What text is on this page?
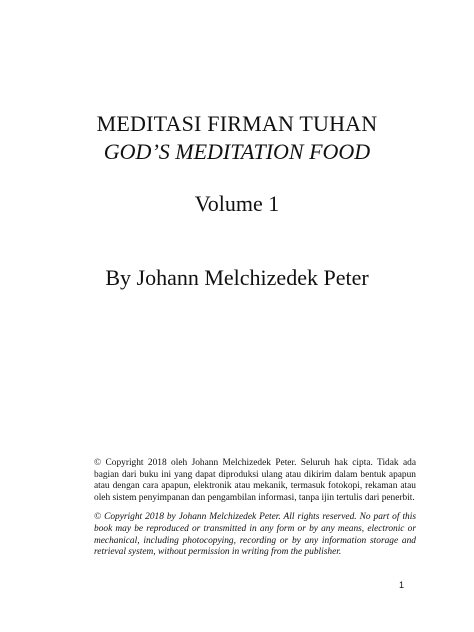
MEDITASI FIRMAN TUHAN
GOD’S MEDITATION FOOD
Volume 1
By Johann Melchizedek Peter

© Copyright 2018 oleh Johann Melchizedek Peter. Seluruh hak cipta. Tidak ada bagian dari buku ini yang dapat diproduksi ulang atau dikirim dalam bentuk apapun atau dengan cara apapun, elektronik atau mekanik, termasuk fotokopi, rekaman atau oleh sistem penyimpanan dan pengambilan informasi, tanpa ijin tertulis dari penerbit.

© Copyright 2018 by Johann Melchizedek Peter. All rights reserved. No part of this book may be reproduced or transmitted in any form or by any means, electronic or mechanical, including photocopying, recording or by any information storage and retrieval system, without permission in writing from the publisher.

1
